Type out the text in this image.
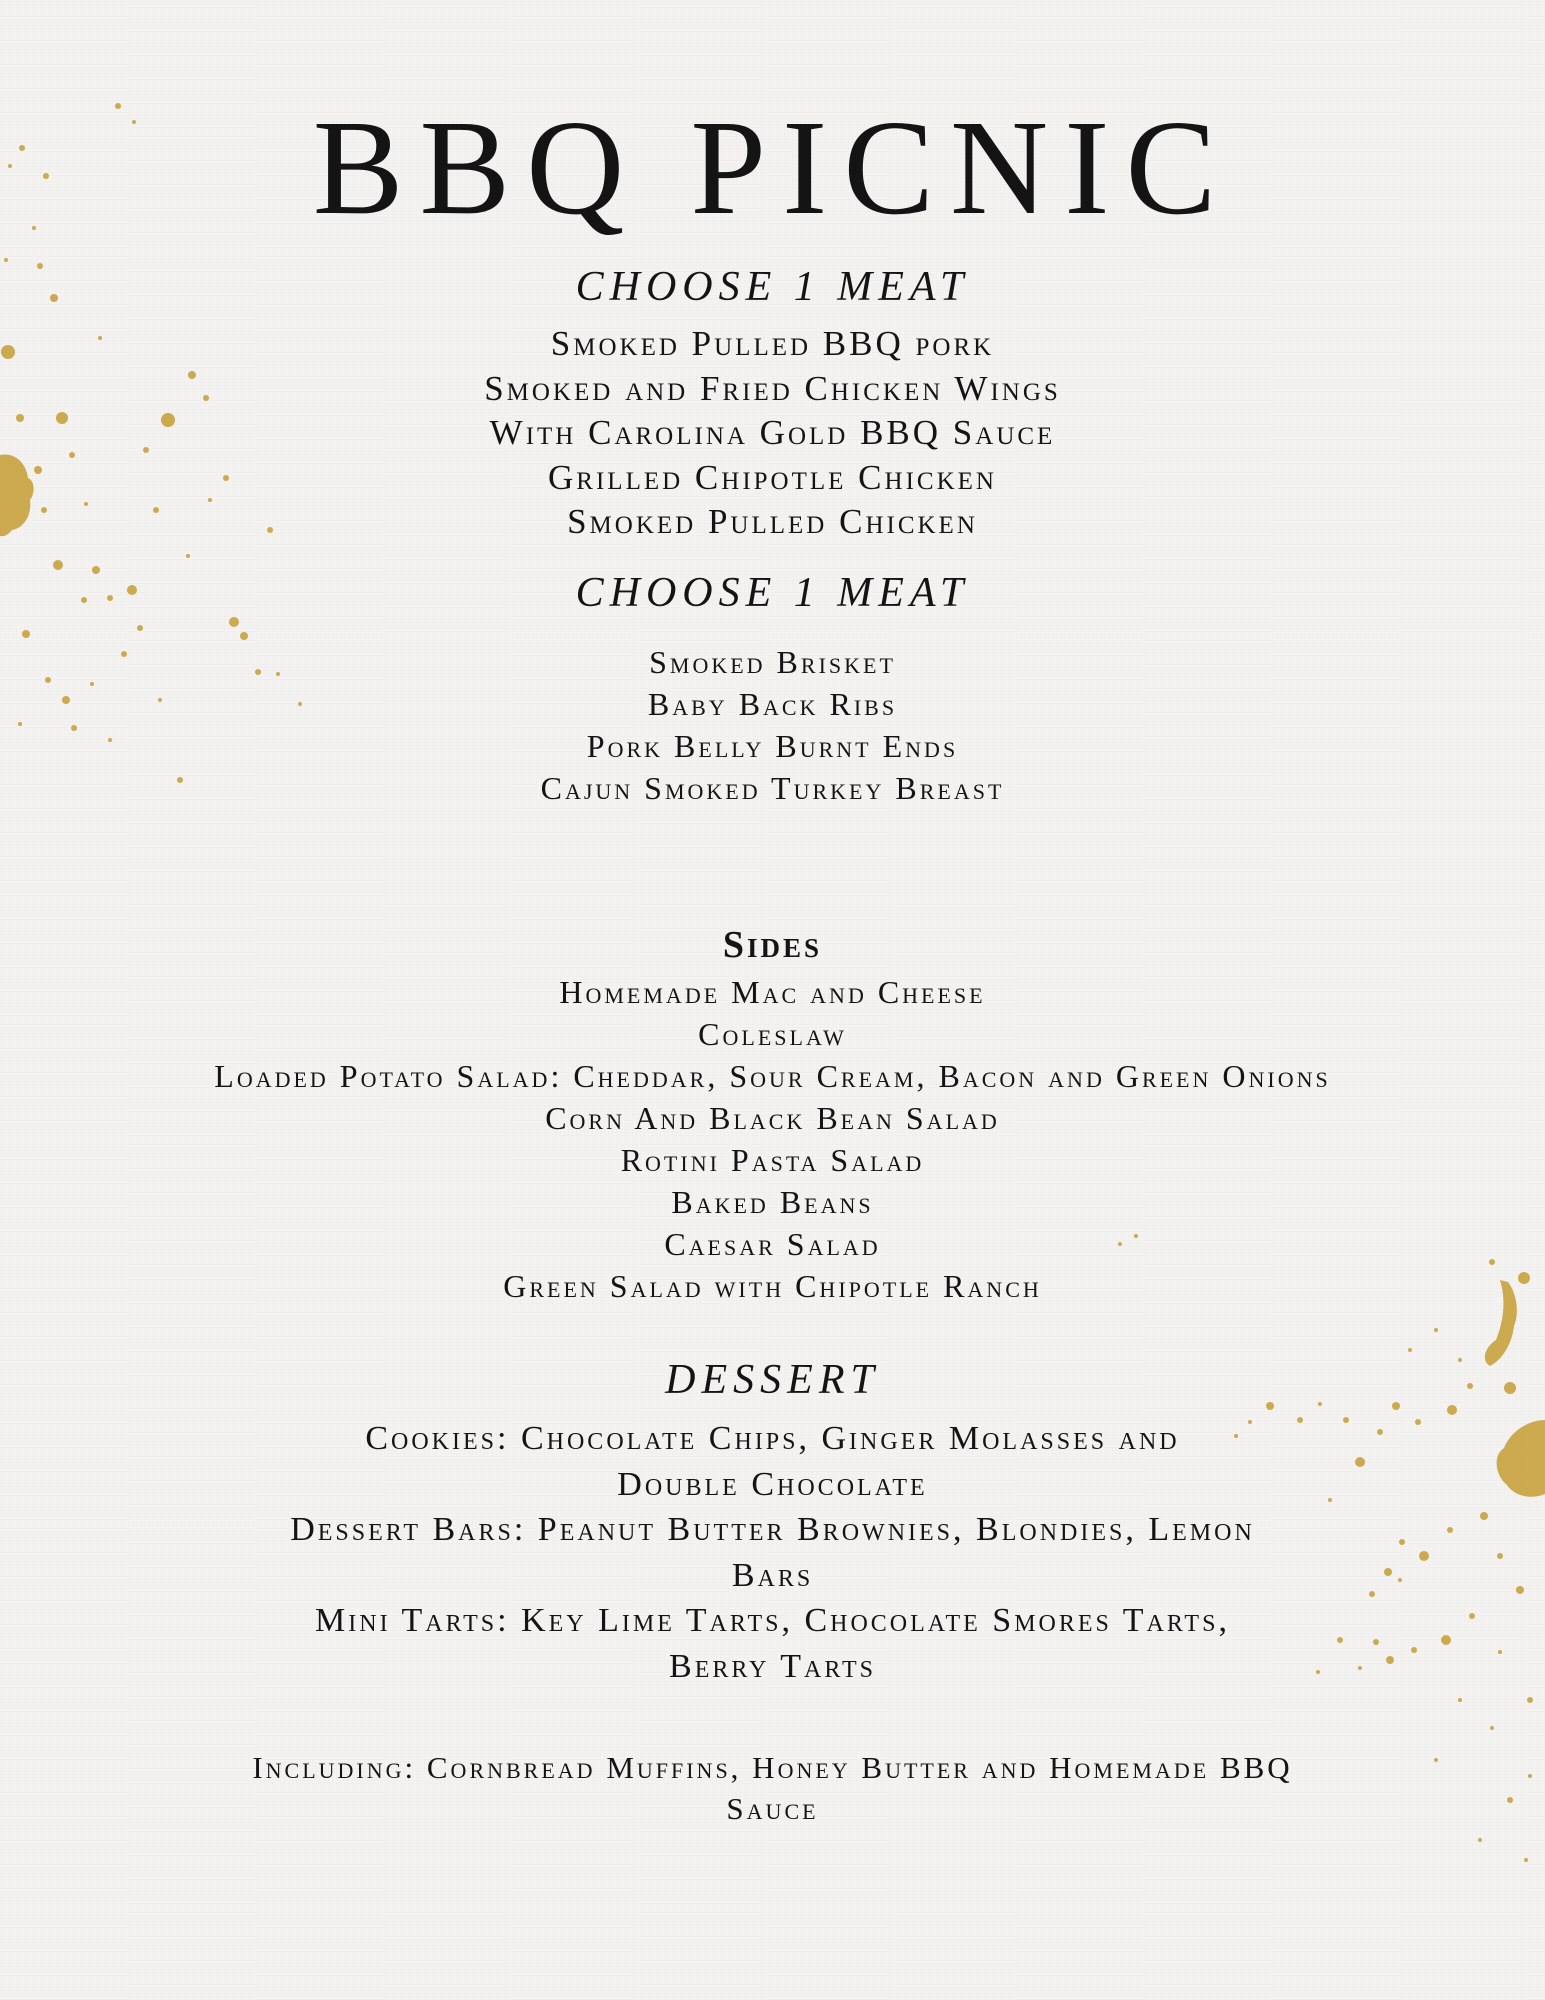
BBQ PICNIC
CHOOSE 1 MEAT
Smoked Pulled BBQ pork
Smoked and Fried Chicken Wings
With Carolina Gold BBQ Sauce
Grilled Chipotle Chicken
Smoked Pulled Chicken
CHOOSE 1 MEAT
Smoked Brisket
Baby Back Ribs
Pork Belly Burnt Ends
Cajun Smoked Turkey Breast
Sides
Homemade Mac and Cheese
Coleslaw
Loaded Potato Salad: Cheddar, Sour Cream, Bacon and Green Onions
Corn And Black Bean Salad
Rotini Pasta Salad
Baked Beans
Caesar Salad
Green Salad with Chipotle Ranch
DESSERT
Cookies: Chocolate Chips, Ginger Molasses and
Double Chocolate
Dessert Bars: Peanut Butter Brownies, Blondies, Lemon
Bars
Mini Tarts: Key Lime Tarts, Chocolate Smores Tarts,
Berry Tarts
Including: Cornbread Muffins, Honey Butter and Homemade BBQ
Sauce
